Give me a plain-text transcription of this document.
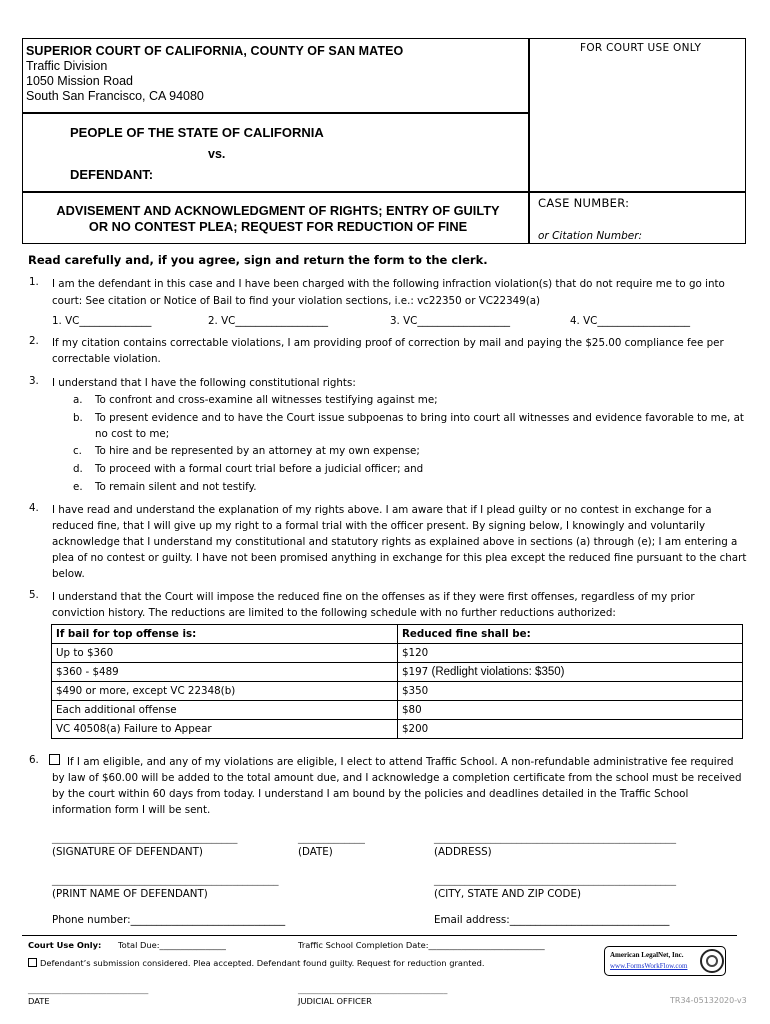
SUPERIOR COURT OF CALIFORNIA, COUNTY OF SAN MATEO
Traffic Division
1050 Mission Road
South San Francisco, CA 94080
FOR COURT USE ONLY
PEOPLE OF THE STATE OF CALIFORNIA
vs.
DEFENDANT:
ADVISEMENT AND ACKNOWLEDGMENT OF RIGHTS; ENTRY OF GUILTY
OR NO CONTEST PLEA; REQUEST FOR REDUCTION OF FINE
CASE NUMBER:
or Citation Number:
Read carefully and, if you agree, sign and return the form to the clerk.
1. I am the defendant in this case and I have been charged with the following infraction violation(s) that do not require me to go into
court: See citation or Notice of Bail to find your violation sections, i.e.: vc22350 or VC22349(a)
1. VC______________	2. VC__________________	3. VC__________________	4. VC__________________
2. If my citation contains correctable violations, I am providing proof of correction by mail and paying the $25.00 compliance fee per
correctable violation.
3. I understand that I have the following constitutional rights:
a. To confront and cross-examine all witnesses testifying against me;
b. To present evidence and to have the Court issue subpoenas to bring into court all witnesses and evidence favorable to me, at
no cost to me;
c. To hire and be represented by an attorney at my own expense;
d. To proceed with a formal court trial before a judicial officer; and
e. To remain silent and not testify.
4. I have read and understand the explanation of my rights above. I am aware that if I plead guilty or no contest in exchange for a
reduced fine, that I will give up my right to a formal trial with the officer present. By signing below, I knowingly and voluntarily
acknowledge that I understand my constitutional and statutory rights as explained above in sections (a) through (e); I am entering a
plea of no contest or guilty. I have not been promised anything in exchange for this plea except the reduced fine pursuant to the chart
below.
5. I understand that the Court will impose the reduced fine on the offenses as if they were first offenses, regardless of my prior
conviction history. The reductions are limited to the following schedule with no further reductions authorized:
If bail for top offense is:	Reduced fine shall be:
Up to $360	$120
$360 - $489	$197 (Redlight violations: $350)
$490 or more, except VC 22348(b)	$350
Each additional offense	$80
VC 40508(a) Failure to Appear	$200
6.	If I am eligible, and any of my violations are eligible, I elect to attend Traffic School. A non-refundable administrative fee required
by law of $60.00 will be added to the total amount due, and I acknowledge a completion certificate from the school must be received
by the court within 60 days from today. I understand I am bound by the policies and deadlines detailed in the Traffic School
information form I will be sent.
____________________________________	_____________	_______________________________________________
(SIGNATURE OF DEFENDANT)	(DATE)	(ADDRESS)
____________________________________________	_______________________________________________
(PRINT NAME OF DEFENDANT)	(CITY, STATE AND ZIP CODE)
Phone number:______________________________	Email address:_______________________________
Court Use Only: Total Due:________________	Traffic School Completion Date:____________________________
Defendant’s submission considered. Plea accepted. Defendant found guilty. Request for reduction granted.
_____________________________	____________________________________
DATE	JUDICIAL OFFICER
American LegalNet, Inc.
www.FormsWorkFlow.com
TR34-05132020-v3
